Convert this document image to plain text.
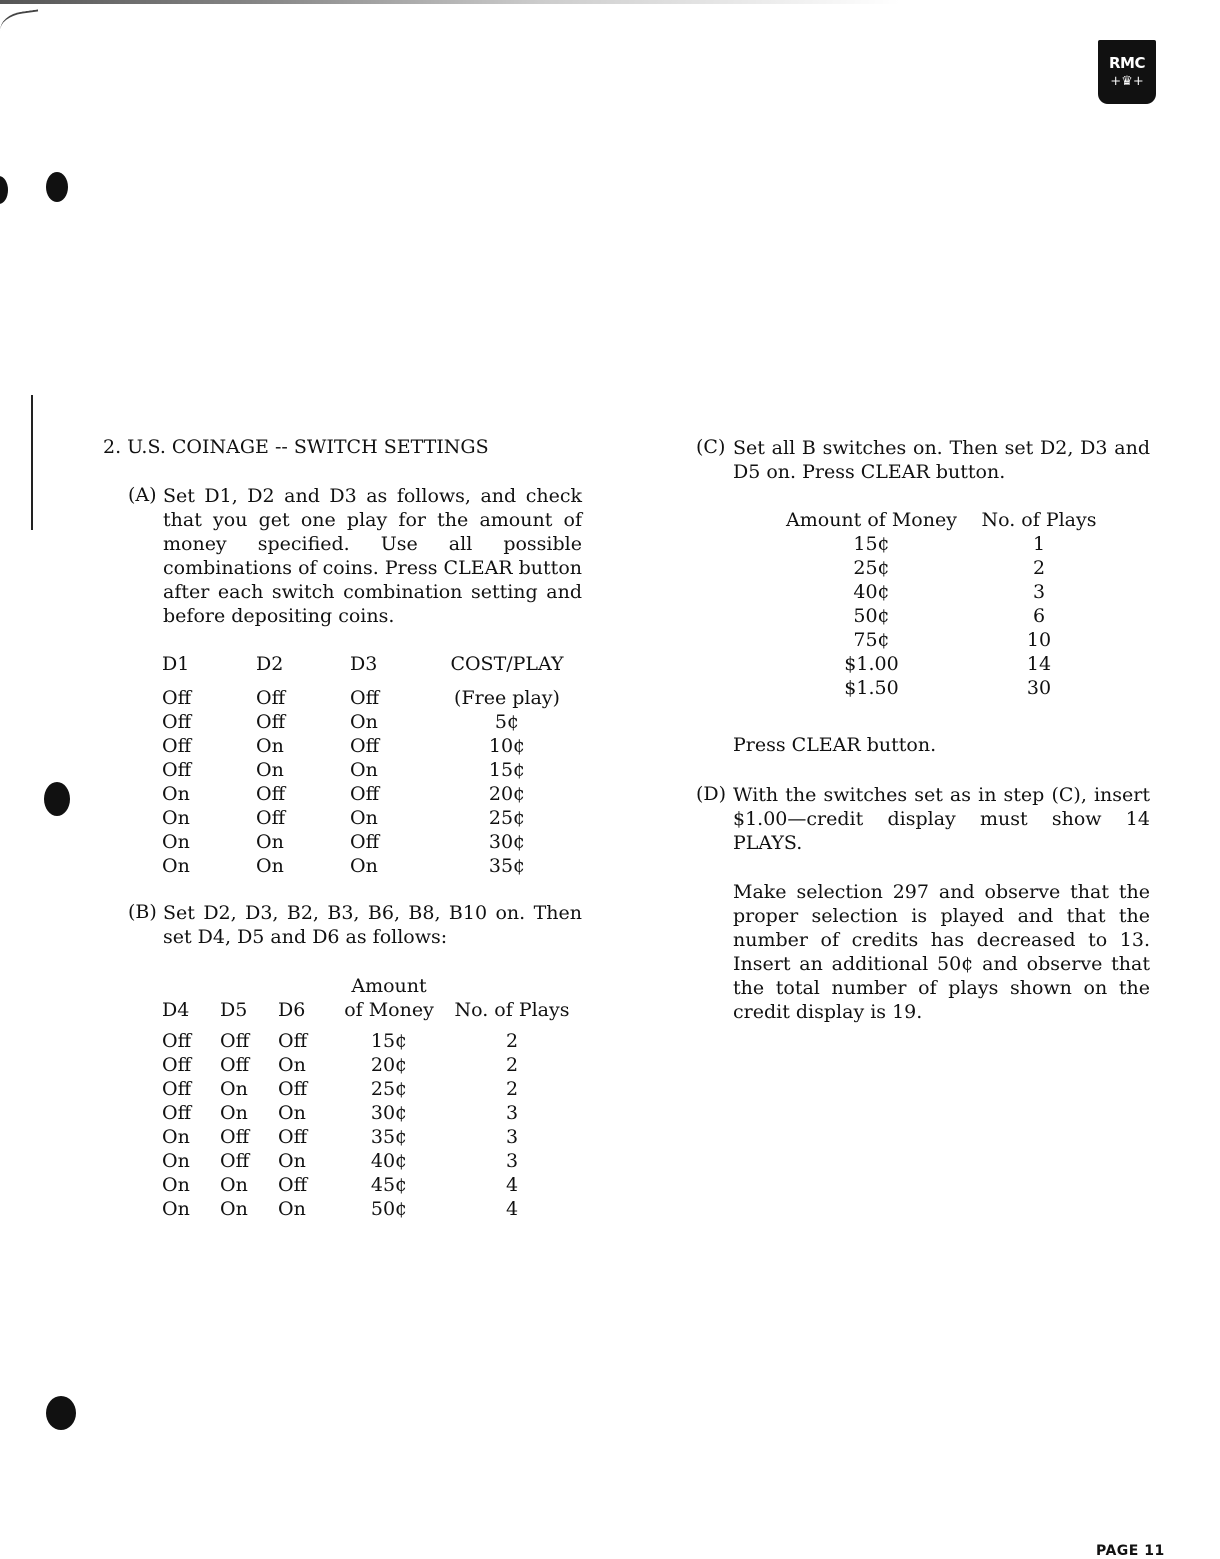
RMC
+♛+
2. U.S. COINAGE -- SWITCH SETTINGS
(A) Set D1, D2 and D3 as follows, and check that you get one play for the amount of money specified. Use all possible combinations of coins. Press CLEAR button after each switch combination setting and before depositing coins.
D1	D2	D3	COST/PLAY
Off	Off	Off	(Free play)
Off	Off	On	5¢
Off	On	Off	10¢
Off	On	On	15¢
On	Off	Off	20¢
On	Off	On	25¢
On	On	Off	30¢
On	On	On	35¢
(B) Set D2, D3, B2, B3, B6, B8, B10 on. Then set D4, D5 and D6 as follows:
			Amount	
D4	D5	D6	of Money	No. of Plays
Off	Off	Off	15¢	2
Off	Off	On	20¢	2
Off	On	Off	25¢	2
Off	On	On	30¢	3
On	Off	Off	35¢	3
On	Off	On	40¢	3
On	On	Off	45¢	4
On	On	On	50¢	4
(C) Set all B switches on. Then set D2, D3 and D5 on. Press CLEAR button.
Amount of Money	No. of Plays
15¢	1
25¢	2
40¢	3
50¢	6
75¢	10
$1.00	14
$1.50	30
Press CLEAR button.
(D) With the switches set as in step (C), insert $1.00—credit display must show 14 PLAYS.
Make selection 297 and observe that the proper selection is played and that the number of credits has decreased to 13. Insert an additional 50¢ and observe that the total number of plays shown on the credit display is 19.
PAGE 11
